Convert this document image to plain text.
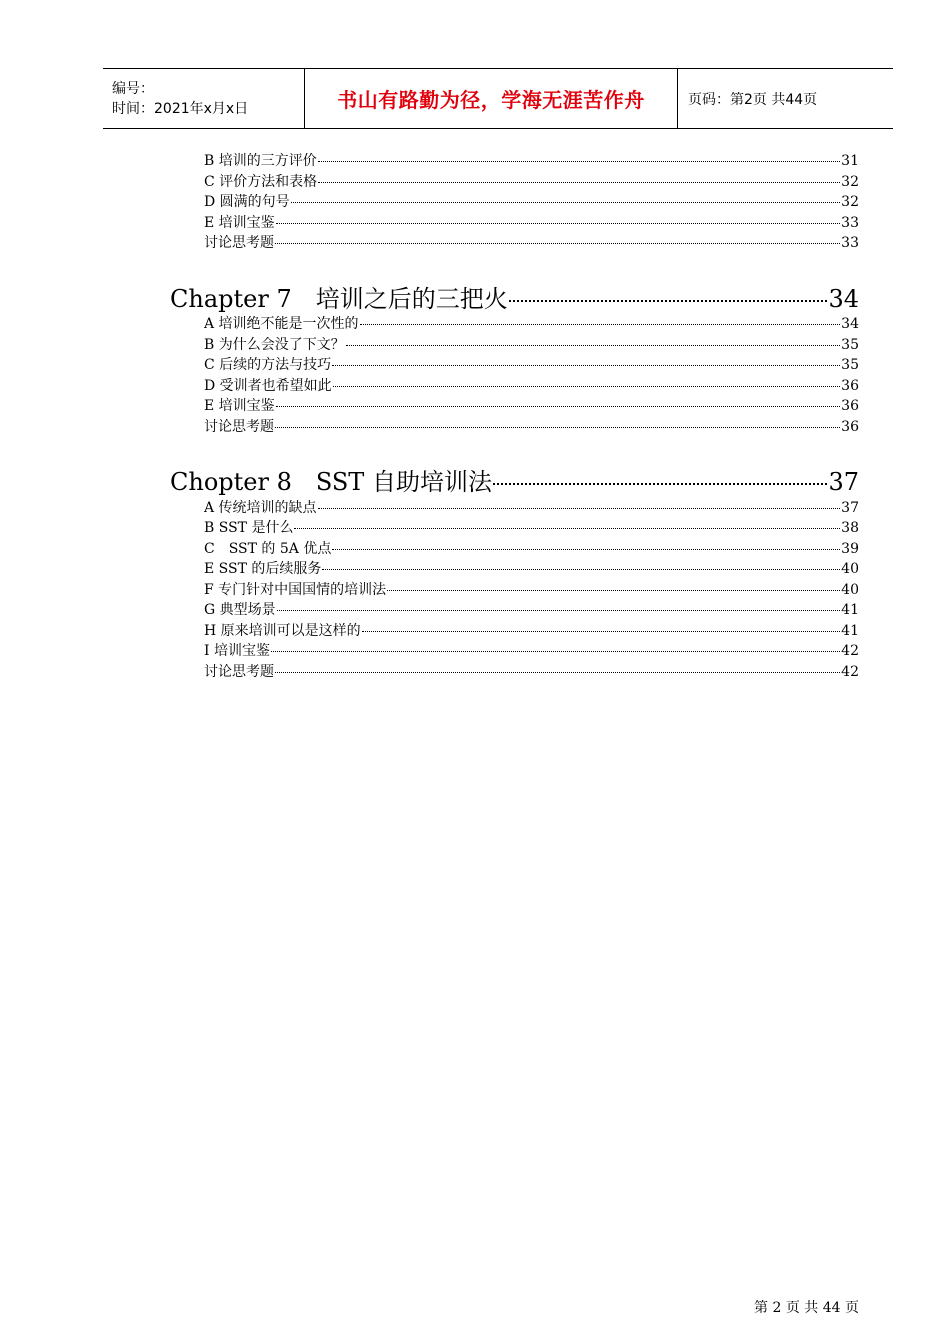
编号：
时间：2021年x月x日	书山有路勤为径，学海无涯苦作舟	页码：第2页 共44页
B 培训的三方评价	31
C 评价方法和表格	32
D 圆满的句号	32
E 培训宝鉴	33
讨论思考题	33
Chapter 7　培训之后的三把火	34
A 培训绝不能是一次性的	34
B 为什么会没了下文？	35
C 后续的方法与技巧	35
D 受训者也希望如此	36
E 培训宝鉴	36
讨论思考题	36
Chopter 8　SST 自助培训法	37
A 传统培训的缺点	37
B SST 是什么	38
C　SST 的 5A 优点	39
E SST 的后续服务	40
F 专门针对中国国情的培训法	40
G 典型场景	41
H 原来培训可以是这样的	41
I 培训宝鉴	42
讨论思考题	42
第 2 页 共 44 页
